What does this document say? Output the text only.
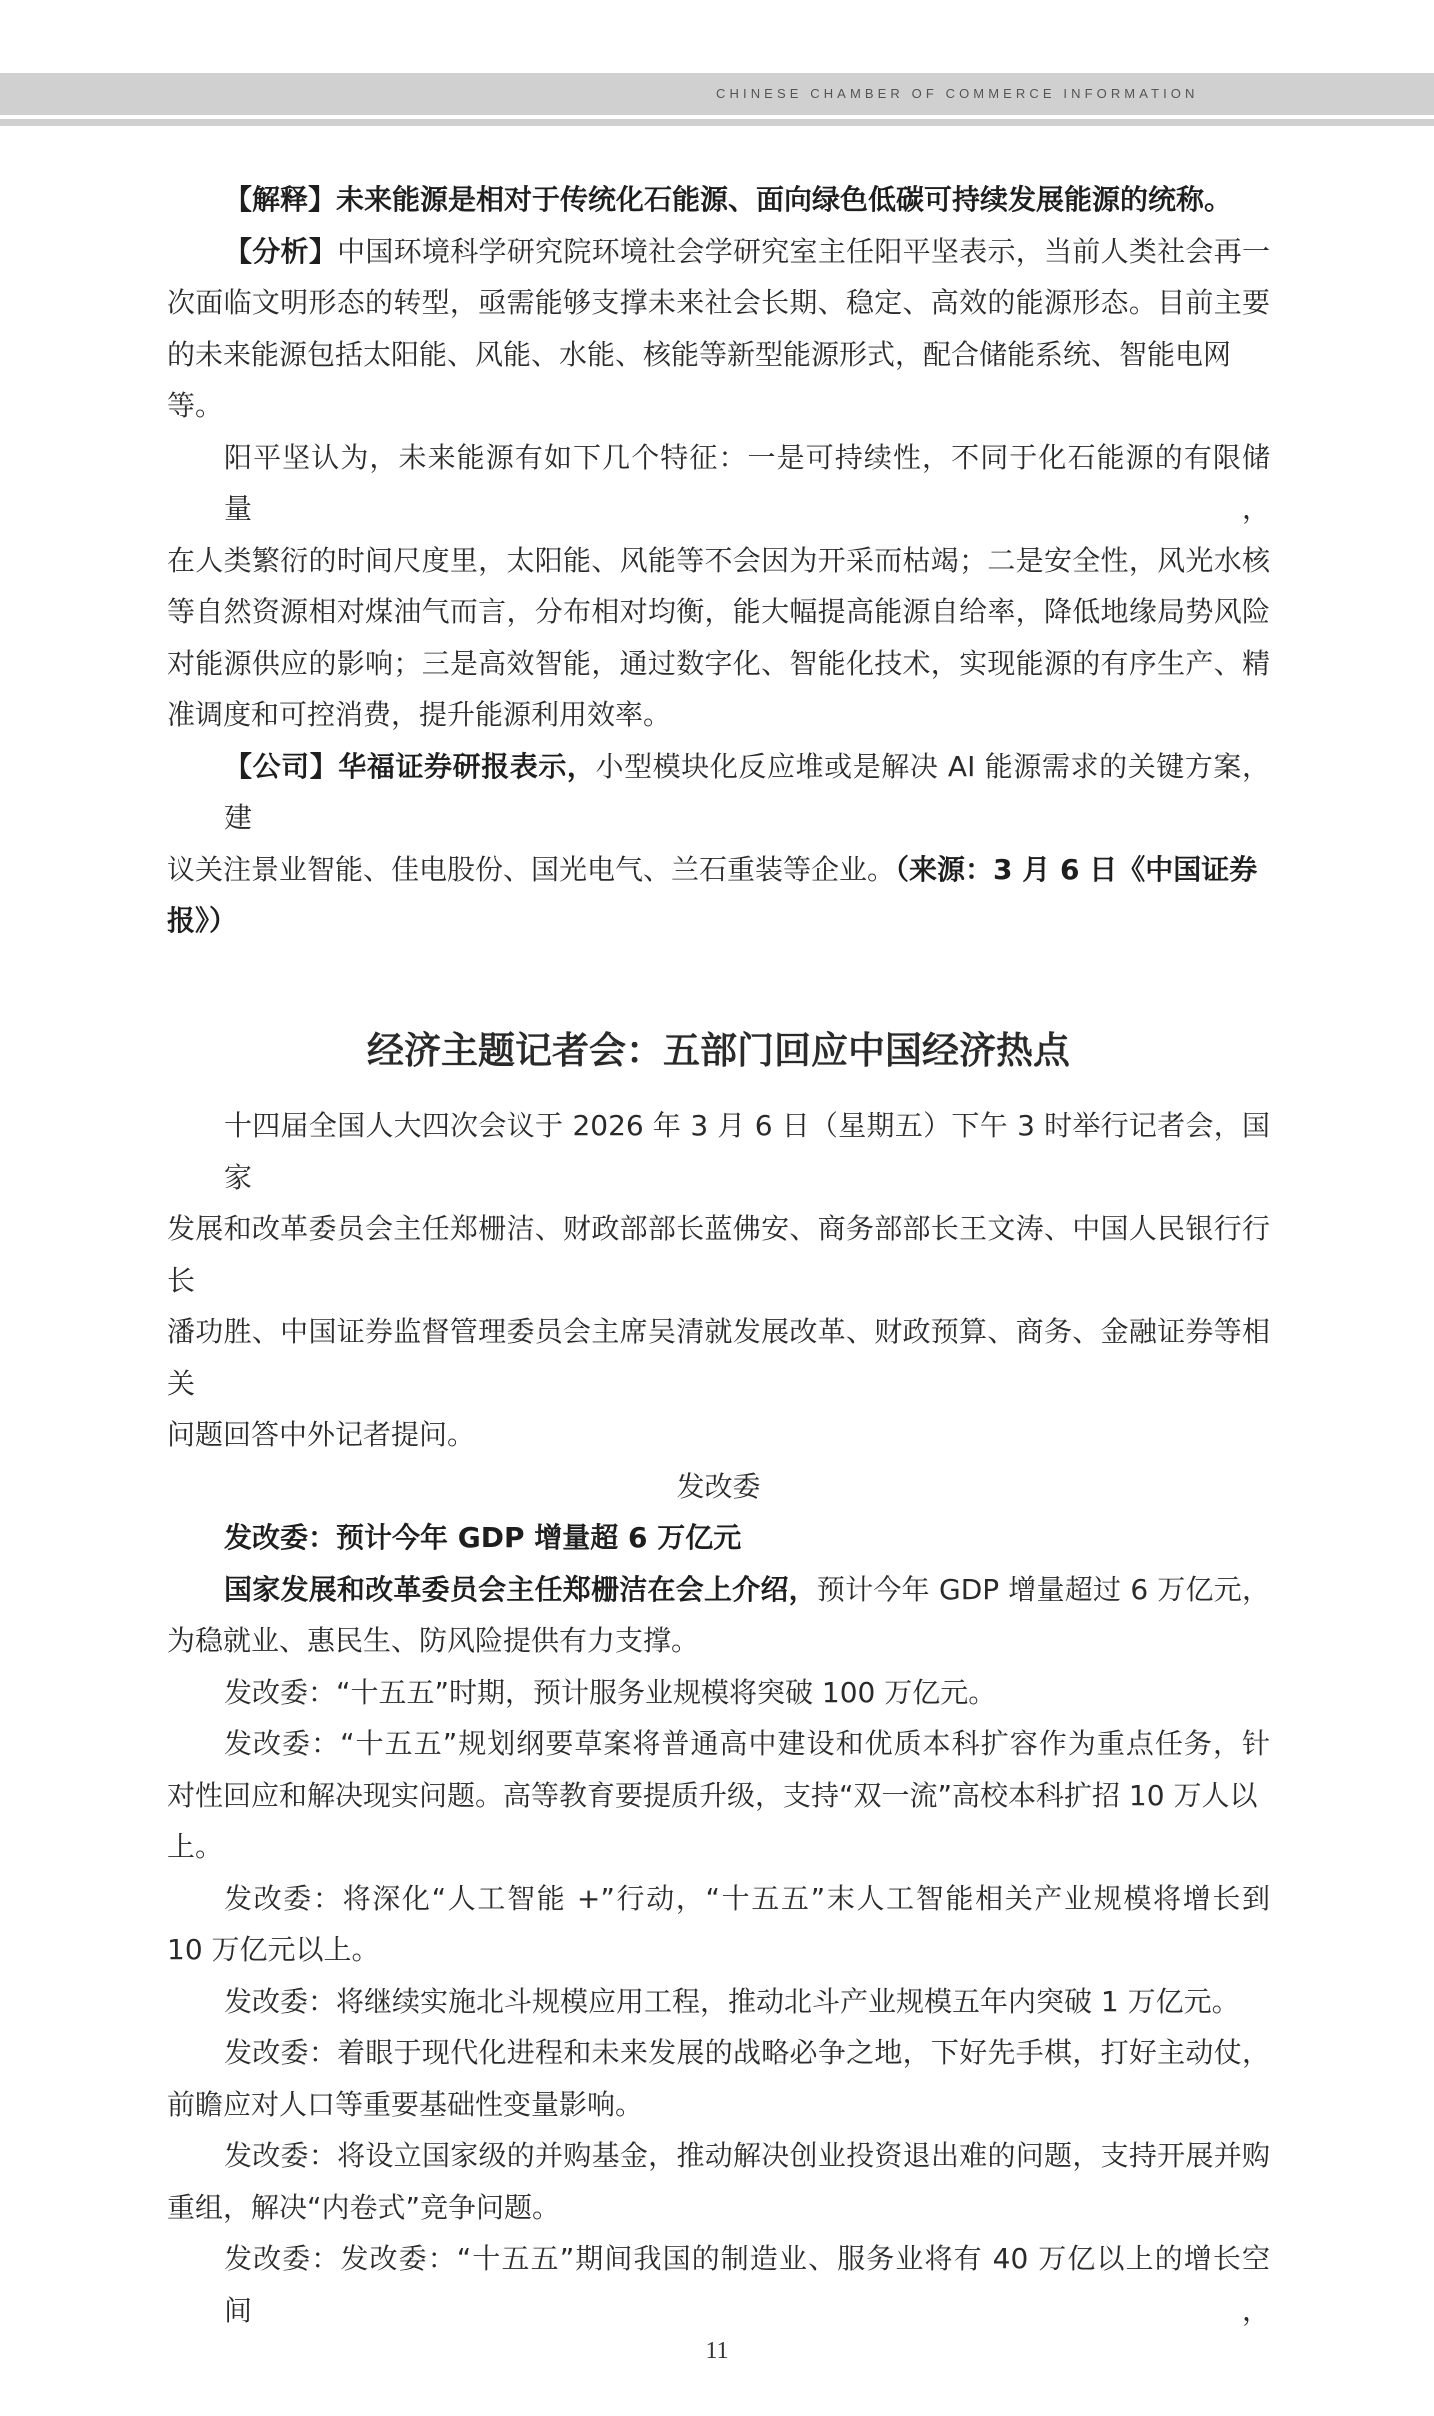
CHINESE CHAMBER OF COMMERCE INFORMATION
【解释】未来能源是相对于传统化石能源、面向绿色低碳可持续发展能源的统称。
【分析】中国环境科学研究院环境社会学研究室主任阳平坚表示，当前人类社会再一
次面临文明形态的转型，亟需能够支撑未来社会长期、稳定、高效的能源形态。目前主要
的未来能源包括太阳能、风能、水能、核能等新型能源形式，配合储能系统、智能电网等。
阳平坚认为，未来能源有如下几个特征：一是可持续性，不同于化石能源的有限储量，
在人类繁衍的时间尺度里，太阳能、风能等不会因为开采而枯竭；二是安全性，风光水核
等自然资源相对煤油气而言，分布相对均衡，能大幅提高能源自给率，降低地缘局势风险
对能源供应的影响；三是高效智能，通过数字化、智能化技术，实现能源的有序生产、精
准调度和可控消费，提升能源利用效率。
【公司】华福证券研报表示，小型模块化反应堆或是解决 AI 能源需求的关键方案，建
议关注景业智能、佳电股份、国光电气、兰石重装等企业。（来源：3 月 6 日《中国证券报》）
经济主题记者会：五部门回应中国经济热点
十四届全国人大四次会议于 2026 年 3 月 6 日（星期五）下午 3 时举行记者会，国家
发展和改革委员会主任郑栅洁、财政部部长蓝佛安、商务部部长王文涛、中国人民银行行长
潘功胜、中国证券监督管理委员会主席吴清就发展改革、财政预算、商务、金融证券等相关
问题回答中外记者提问。
发改委
发改委：预计今年 GDP 增量超 6 万亿元
国家发展和改革委员会主任郑栅洁在会上介绍，预计今年 GDP 增量超过 6 万亿元，
为稳就业、惠民生、防风险提供有力支撑。
发改委：“十五五”时期，预计服务业规模将突破 100 万亿元。
发改委：“十五五”规划纲要草案将普通高中建设和优质本科扩容作为重点任务，针
对性回应和解决现实问题。高等教育要提质升级，支持“双一流”高校本科扩招 10 万人以上。
发改委：将深化“人工智能 +”行动，“十五五”末人工智能相关产业规模将增长到
10 万亿元以上。
发改委：将继续实施北斗规模应用工程，推动北斗产业规模五年内突破 1 万亿元。
发改委：着眼于现代化进程和未来发展的战略必争之地，下好先手棋，打好主动仗，
前瞻应对人口等重要基础性变量影响。
发改委：将设立国家级的并购基金，推动解决创业投资退出难的问题，支持开展并购
重组，解决“内卷式”竞争问题。
发改委：发改委：“十五五”期间我国的制造业、服务业将有 40 万亿以上的增长空间，
11
